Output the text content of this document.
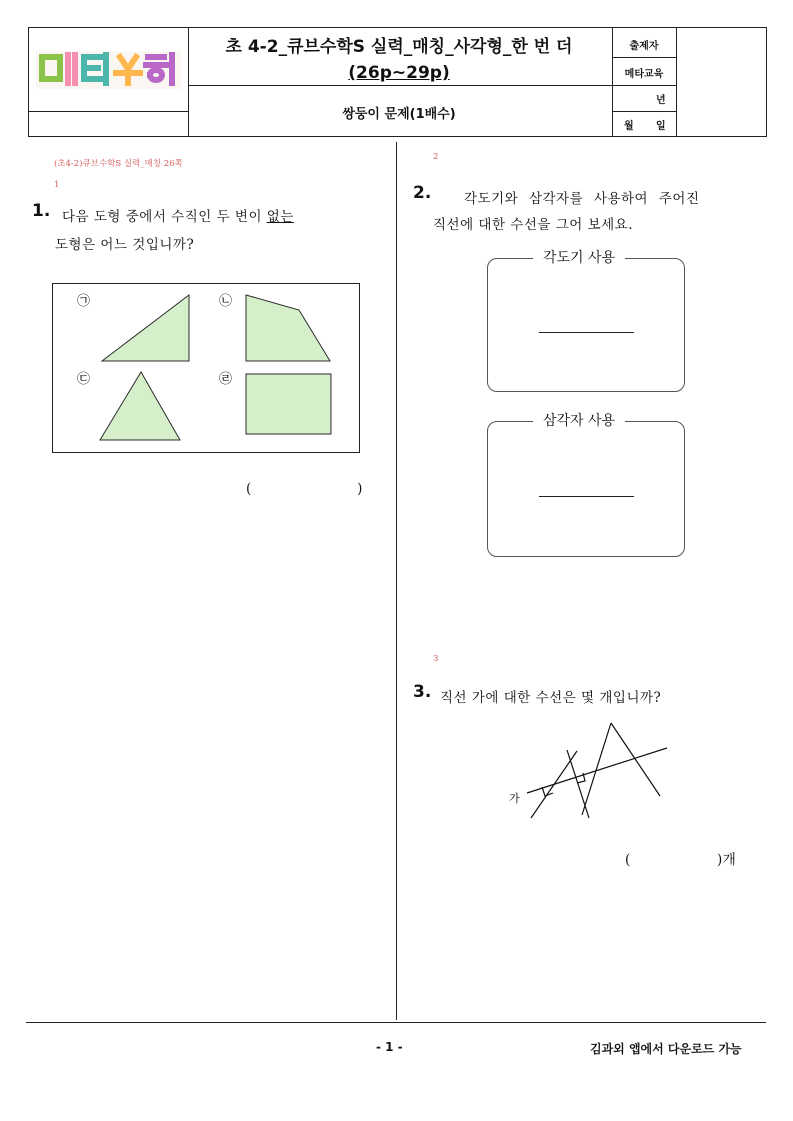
초 4-2_큐브수학S 실력_매칭_사각형_한 번 더
(26p~29p)
쌍둥이 문제(1배수)
출제자
메타교육
년
월 일
(초4-2)큐브수학S 실력_매칭 26쪽
1
1. 다음 도형 중에서 수직인 두 변이 없는
도형은 어느 것입니까?
㉠	㉡
㉢	㉣
(                      )
2
2. 각도기와 삼각자를 사용하여 주어진
직선에 대한 수선을 그어 보세요.
각도기 사용
삼각자 사용
3
3. 직선 가에 대한 수선은 몇 개입니까?
가
(                  )개
- 1 -	김과외 앱에서 다운로드 가능
